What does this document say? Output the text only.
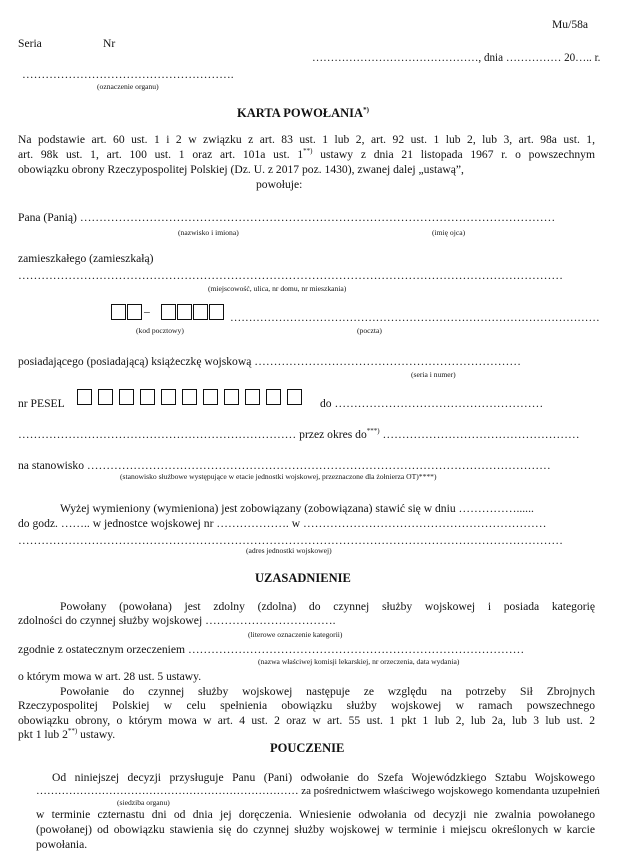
Mu/58a
Seria	Nr
………………………………………, dnia …………… 20….. r.
……………………………………………….
(oznaczenie organu)
KARTA POWOŁANIA*)
Na podstawie art. 60 ust. 1 i 2 w związku z art. 83 ust. 1 lub 2, art. 92 ust. 1 lub 2, lub 3, art. 98a ust. 1,
art. 98k ust. 1, art. 100 ust. 1 oraz art. 101a ust. 1**) ustawy z dnia 21 listopada 1967 r. o powszechnym
obowiązku obrony Rzeczypospolitej Polskiej (Dz. U. z 2017 poz. 1430), zwanej dalej „ustawą”,
powołuje:
Pana (Panią) ……………………………………………………………………………………………………………
(nazwisko i imiona)	(imię ojca)
zamieszkałego (zamieszkałą)
……………………………………………………………………………………………………………………………
(miejscowość, ulica, nr domu, nr mieszkania)
–	………………………………………………………………………………………
(kod pocztowy)	(poczta)
posiadającego (posiadającą) książeczkę wojskową ……………………………………………………………
(seria i numer)
nr PESEL	do ………………………………………………
……………………………………………………………… przez okres do***) ……………………………………………
na stanowisko …………………………………………………………………………………………………………
(stanowisko służbowe występujące w etacie jednostki wojskowej, przeznaczone dla żołnierza OT)****)
Wyżej wymieniony (wymieniona) jest zobowiązany (zobowiązana) stawić się w dniu ……………......
do godz. …….. w jednostce wojskowej nr ………………. w ………………………………………………………
……………………………………………………………………………………………………………………………
(adres jednostki wojskowej)
UZASADNIENIE
Powołany (powołana) jest zdolny (zdolna) do czynnej służby wojskowej i posiada kategorię
zdolności do czynnej służby wojskowej …………………………….
(literowe oznaczenie kategorii)
zgodnie z ostatecznym orzeczeniem ……………………………………………………………………………
(nazwa właściwej komisji lekarskiej, nr orzeczenia, data wydania)
o którym mowa w art. 28 ust. 5 ustawy.
Powołanie do czynnej służby wojskowej następuje ze względu na potrzeby Sił Zbrojnych
Rzeczypospolitej Polskiej w celu spełnienia obowiązku służby wojskowej w ramach powszechnego
obowiązku obrony, o którym mowa w art. 4 ust. 2 oraz w art. 55 ust. 1 pkt 1 lub 2, lub 2a, lub 3 lub ust. 2
pkt 1 lub 2**) ustawy.
POUCZENIE
Od niniejszej decyzji przysługuje Panu (Pani) odwołanie do Szefa Wojewódzkiego Sztabu Wojskowego
……………………………………………………………… za pośrednictwem właściwego wojskowego komendanta uzupełnień
(siedziba organu)
w terminie czternastu dni od dnia jej doręczenia. Wniesienie odwołania od decyzji nie zwalnia powołanego
(powołanej) od obowiązku stawienia się do czynnej służby wojskowej w terminie i miejscu określonych w karcie
powołania.
